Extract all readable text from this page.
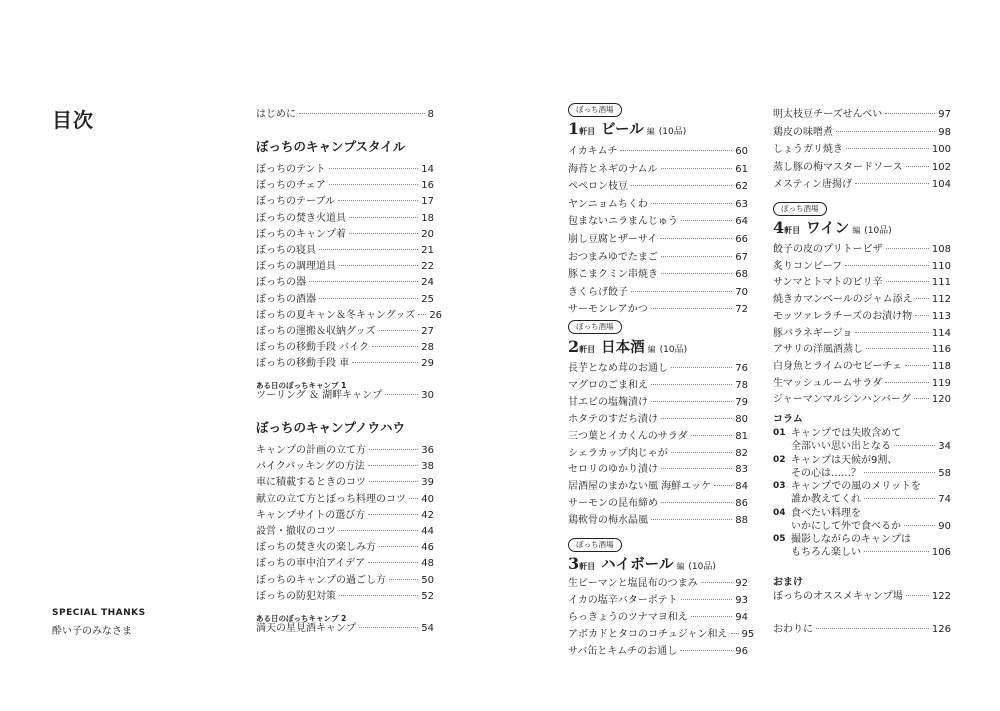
目次
SPECIAL THANKS
酔い子のみなさま
はじめに	8
ぼっちのキャンプスタイル
ぼっちのテント	14
ぼっちのチェア	16
ぼっちのテーブル	17
ぼっちの焚き火道具	18
ぼっちのキャンプ着	20
ぼっちの寝具	21
ぼっちの調理道具	22
ぼっちの器	24
ぼっちの酒器	25
ぼっちの夏キャン＆冬キャングッズ 26
ぼっちの運搬＆収納グッズ	27
ぼっちの移動手段 バイク	28
ぼっちの移動手段 車	29
ある日のぼっちキャンプ 1
ツーリング ＆ 湖畔キャンプ	30
ぼっちのキャンプノウハウ
キャンプの計画の立て方	36
パイクパッキングの方法	38
車に積載するときのコツ	39
献立の立て方とぼっち料理のコツ 40
キャンプサイトの選び方	42
設営・撤収のコツ	44
ぼっちの焚き火の楽しみ方	46
ぼっちの車中泊アイデア	48
ぼっちのキャンプの過ごし方	50
ぼっちの防犯対策	52
ある日のぼっちキャンプ 2
満天の星見酒キャンプ	54
ぼっち酒場
1 軒目 ビール 編 (10品)
イカキムチ	60
海苔とネギのナムル	61
ペペロン枝豆	62
ヤンニョムちくわ	63
包まないニラまんじゅう	64
崩し豆腐とザーサイ	66
おつまみゆでたまご	67
豚こまクミン串焼き	68
きくらげ餃子	70
サーモンレアかつ	72
ぼっち酒場
2 軒目 日本酒 編 (10品)
長芋となめ茸のお通し	76
マグロのごま和え	78
甘エビの塩麹漬け	79
ホタテのすだち漬け	80
三つ葉とイカくんのサラダ	81
シェラカップ肉じゃが	82
セロリのゆかり漬け	83
居酒屋のまかない風 海鮮ユッケ 84
サーモンの昆布締め	86
鶏軟骨の梅水晶風	88
ぼっち酒場
3 軒目 ハイボール 編 (10品)
生ピーマンと塩昆布のつまみ	92
イカの塩辛バターポテト	93
らっきょうのツナマヨ和え	94
アボカドとタコのコチュジャン和え 95
サバ缶とキムチのお通し	96
明太枝豆チーズせんべい	97
鶏皮の味噌煮	98
しょうガリ焼き	100
蒸し豚の梅マスタードソース	102
メスティン唐揚げ	104
ぼっち酒場
4 軒目 ワイン 編 (10品)
餃子の皮のプリトーピザ	108
炙りコンビーフ	110
サンマとトマトのピリ辛	111
焼きカマンベールのジャム添え 112
モッツァレラチーズのお漬け物 113
豚バラネギージョ	114
アサリの洋風酒蒸し	116
白身魚とライムのセビーチェ	118
生マッシュルームサラダ	119
ジャーマンマルシンハンバーグ 120
コラム
01 キャンプでは失敗含めて
全部いい思い出となる	34
02 キャンプは天候が9割、
その心は……？	58
03 キャンプでの風のメリットを
誰か教えてくれ	74
04 食べたい料理を
いかにして外で食べるか	90
05 撮影しながらのキャンプは
もちろん楽しい	106
おまけ
ぼっちのオススメキャンプ場	122
おわりに	126
